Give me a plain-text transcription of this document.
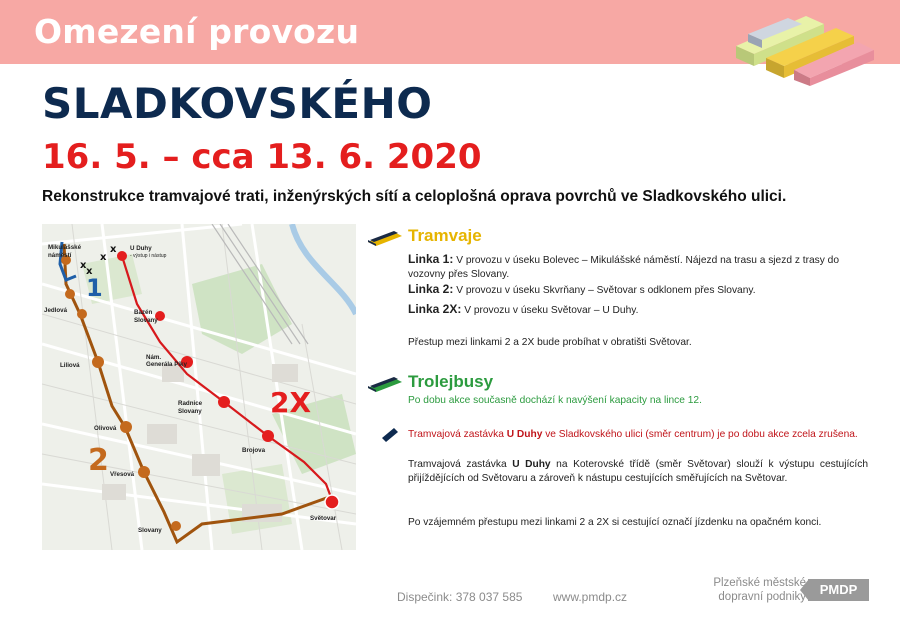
Omezení provozu
SLADKOVSKÉHO
16. 5. – cca 13. 6. 2020
Rekonstrukce tramvajové trati, inženýrských sítí a celoplošná oprava povrchů ve Sladkovského ulici.
x
x
x
x
Mikulášské
náměstí
U Duhy
- výstup i nástup
Jedlová	Bazén
Slovany
Liliová
Nám.
Generála Píky
Radnice
Slovany
Olivová
Brojova
Vřesová
Světovar
Slovany
1
2
2X
Tramvaje

Linka 1: V provozu v úseku Bolevec – Mikulášské náměstí. Nájezd na trasu a sjezd z trasy do vozovny přes Slovany.

Linka 2: V provozu v úseku Skvrňany – Světovar s odklonem přes Slovany.

Linka 2X: V provozu v úseku Světovar – U Duhy.

Přestup mezi linkami 2 a 2X bude probíhat v obratišti Světovar.

Trolejbusy

Po dobu akce současně dochází k navýšení kapacity na lince 12.

Tramvajová zastávka U Duhy ve Sladkovského ulici (směr centrum) je po dobu akce zcela zrušena.

Tramvajová zastávka U Duhy na Koterovské třídě (směr Světovar) slouží k výstupu cestujících přijíždějících od Světovaru a zároveň k nástupu cestujících směřujících na Světovar.

Po vzájemném přestupu mezi linkami 2 a 2X si cestující označí jízdenku na opačném konci.

Dispečink: 378 037 585	www.pmdp.cz
Plzeňské městské
dopravní podniky	PMDP
